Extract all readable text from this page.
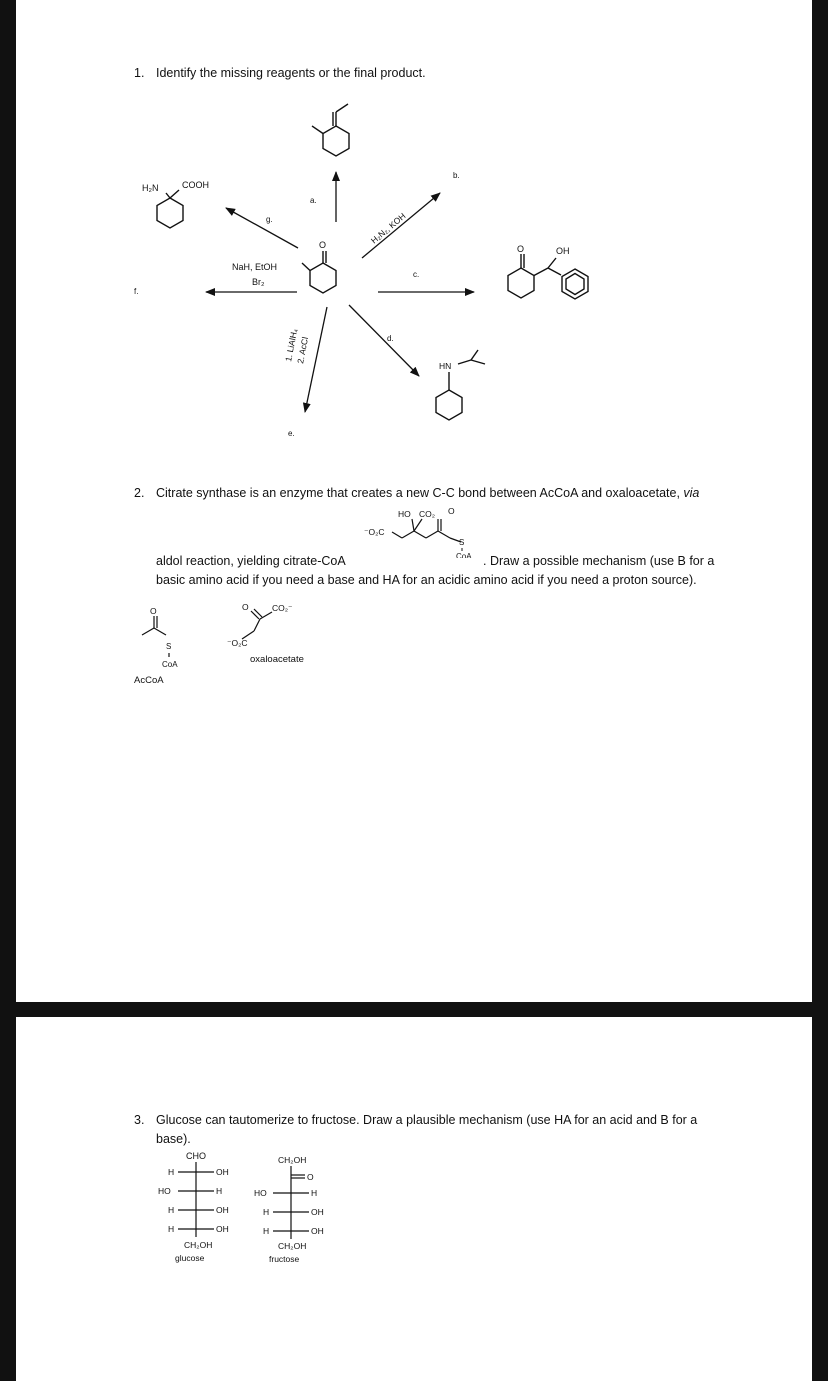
1. Identify the missing reagents or the final product.
O
a.
H₂N₂, KOH
b.
c.
O	OH
d.
HN
1. LiAlH₄
2. AcCl
e.
NaH, EtOH
Br₂
f.
g.
H₂N	COOH
2. Citrate synthase is an enzyme that creates a new C-C bond between AcCoA and oxaloacetate, via
HO CO₂ O
⁻O₂C
S
CoA
aldol reaction, yielding citrate-CoA	. Draw a possible mechanism (use B for a
basic amino acid if you need a base and HA for an acidic amino acid if you need a proton source).
O
S
CoA
AcCoA
O	CO₂⁻
⁻O₂C
oxaloacetate
3. Glucose can tautomerize to fructose. Draw a plausible mechanism (use HA for an acid and B for a
base).
CHO
H	OH
HO	H
H	OH
H	OH
CH₂OH
glucose
CH₂OH
O
HO	H
H	OH
H	OH
CH₂OH
fructose
